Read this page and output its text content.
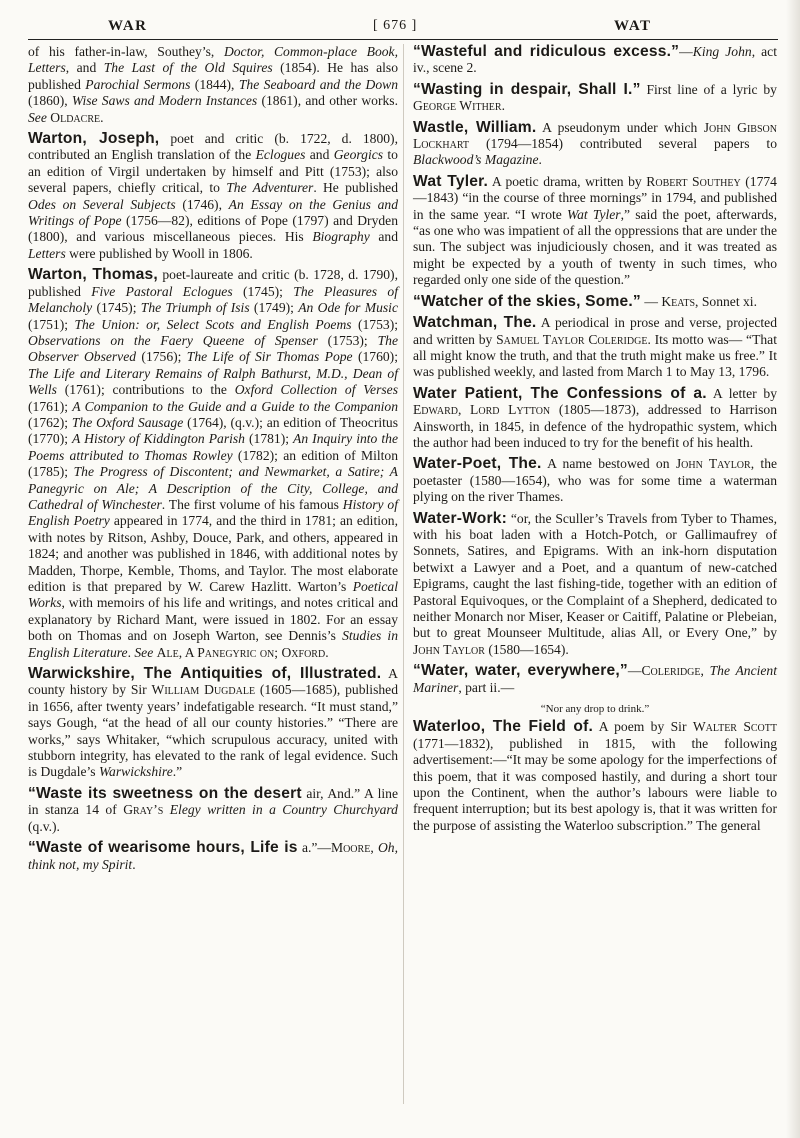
WAR	[ 676 ]	WAT

of his father-in-law, Southey’s, Doctor, Common-place Book, Letters, and The Last of the Old Squires (1854). He has also published Parochial Sermons (1844), The Seaboard and the Down (1860), Wise Saws and Modern Instances (1861), and other works. See Oldacre.

Warton, Joseph, poet and critic (b. 1722, d. 1800), contributed an English translation of the Eclogues and Georgics to an edition of Virgil undertaken by himself and Pitt (1753); also several papers, chiefly critical, to The Adventurer. He published Odes on Several Subjects (1746), An Essay on the Genius and Writings of Pope (1756—82), editions of Pope (1797) and Dryden (1800), and various miscellaneous pieces. His Biography and Letters were published by Wooll in 1806.

Warton, Thomas, poet-laureate and critic (b. 1728, d. 1790), published Five Pastoral Eclogues (1745); The Pleasures of Melancholy (1745); The Triumph of Isis (1749); An Ode for Music (1751); The Union: or, Select Scots and English Poems (1753); Observations on the Faery Queene of Spenser (1753); The Observer Observed (1756); The Life of Sir Thomas Pope (1760); The Life and Literary Remains of Ralph Bathurst, M.D., Dean of Wells (1761); contributions to the Oxford Collection of Verses (1761); A Companion to the Guide and a Guide to the Companion (1762); The Oxford Sausage (1764), (q.v.); an edition of Theocritus (1770); A History of Kiddington Parish (1781); An Inquiry into the Poems attributed to Thomas Rowley (1782); an edition of Milton (1785); The Progress of Discontent; and Newmarket, a Satire; A Panegyric on Ale; A Description of the City, College, and Cathedral of Winchester. The first volume of his famous History of English Poetry appeared in 1774, and the third in 1781; an edition, with notes by Ritson, Ashby, Douce, Park, and others, appeared in 1824; and another was published in 1846, with additional notes by Madden, Thorpe, Kemble, Thoms, and Taylor. The most elaborate edition is that prepared by W. Carew Hazlitt. Warton’s Poetical Works, with memoirs of his life and writings, and notes critical and explanatory by Richard Mant, were issued in 1802. For an essay both on Thomas and on Joseph Warton, see Dennis’s Studies in English Literature. See Ale, A Panegyric on; Oxford.

Warwickshire, The Antiquities of, Illustrated. A county history by Sir William Dugdale (1605—1685), published in 1656, after twenty years’ indefatigable research. “It must stand,” says Gough, “at the head of all our county histories.” “There are works,” says Whitaker, “which scrupulous accuracy, united with stubborn integrity, has elevated to the rank of legal evidence. Such is Dugdale’s Warwickshire.”

“Waste its sweetness on the desert air, And.” A line in stanza 14 of Gray’s Elegy written in a Country Churchyard (q.v.).

“Waste of wearisome hours, Life is a.”—Moore, Oh, think not, my Spirit.

“Wasteful and ridiculous excess.”—King John, act iv., scene 2.

“Wasting in despair, Shall I.” First line of a lyric by George Wither.

Wastle, William. A pseudonym under which John Gibson Lockhart (1794—1854) contributed several papers to Blackwood’s Magazine.

Wat Tyler. A poetic drama, written by Robert Southey (1774—1843) “in the course of three mornings” in 1794, and published in the same year. “I wrote Wat Tyler,” said the poet, afterwards, “as one who was impatient of all the oppressions that are under the sun. The subject was injudiciously chosen, and it was treated as might be expected by a youth of twenty in such times, who regarded only one side of the question.”

“Watcher of the skies, Some.” — Keats, Sonnet xi.

Watchman, The. A periodical in prose and verse, projected and written by Samuel Taylor Coleridge. Its motto was— “That all might know the truth, and that the truth might make us free.” It was published weekly, and lasted from March 1 to May 13, 1796.

Water Patient, The Confessions of a. A letter by Edward, Lord Lytton (1805—1873), addressed to Harrison Ainsworth, in 1845, in defence of the hydropathic system, which the author had been induced to try for the benefit of his health.

Water-Poet, The. A name bestowed on John Taylor, the poetaster (1580—1654), who was for some time a waterman plying on the river Thames.

Water-Work: “or, the Sculler’s Travels from Tyber to Thames, with his boat laden with a Hotch-Potch, or Gallimaufrey of Sonnets, Satires, and Epigrams. With an ink-horn disputation betwixt a Lawyer and a Poet, and a quantum of new-catched Epigrams, caught the last fishing-tide, together with an edition of Pastoral Equivoques, or the Complaint of a Shepherd, dedicated to neither Monarch nor Miser, Keaser or Caitiff, Palatine or Plebeian, but to great Mounseer Multitude, alias All, or Every One,” by John Taylor (1580—1654).

“Water, water, everywhere,”—Coleridge, The Ancient Mariner, part ii.—

“Nor any drop to drink.”

Waterloo, The Field of. A poem by Sir Walter Scott (1771—1832), published in 1815, with the following advertisement:—“It may be some apology for the imperfections of this poem, that it was composed hastily, and during a short tour upon the Continent, when the author’s labours were liable to frequent interruption; but its best apology is, that it was written for the purpose of assisting the Waterloo subscription.” The general
